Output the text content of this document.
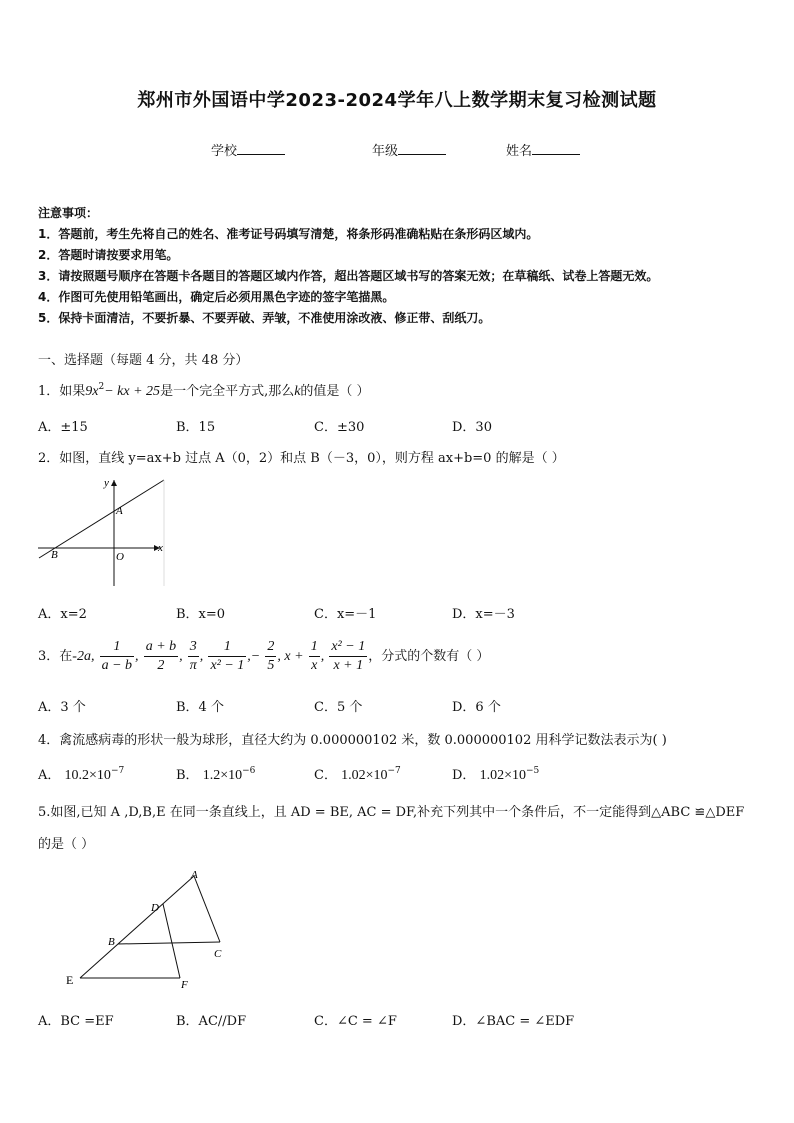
郑州市外国语中学2023-2024学年八上数学期末复习检测试题
学校	年级	姓名
注意事项：
1．答题前，考生先将自己的姓名、准考证号码填写清楚，将条形码准确粘贴在条形码区域内。
2．答题时请按要求用笔。
3．请按照题号顺序在答题卡各题目的答题区域内作答，超出答题区域书写的答案无效；在草稿纸、试卷上答题无效。
4．作图可先使用铅笔画出，确定后必须用黑色字迹的签字笔描黑。
5．保持卡面清洁，不要折暴、不要弄破、弄皱，不准使用涂改液、修正带、刮纸刀。
一、选择题（每题 4 分，共 48 分）
1．如果$9x^2-$ kx + 25是一个完全平方式,那么k的值是（ ）
A．±15	B．15	C．±30	D．30
2．如图，直线 y=ax+b 过点 A（0，2）和点 B（－3，0），则方程 ax+b=0 的解是（ ）
y
x
A
B	O
A．x=2	B．x=0	C．x=－1	D．x=－3
3．在-2a, $\frac{1}{a - b}$ , $\frac{a + b}{2}$ , $\frac{3}{\pi}$ , $\frac{1}{\text{x² − 1}}$ ,− $\frac{2}{5}$ , $x + \frac{1}{x}$ , $\frac{\text{x² − 1}}{x + 1}$ ，分式的个数有（ ）
A．3 个	B．4 个	C．5 个	D．6 个
4．禽流感病毒的形状一般为球形，直径大约为 0.000000102 米，数 0.000000102 用科学记数法表示为( )
A． $10.2\times 10^{-7}$	B． $1.2\times 10^{-6}$	C． $1.02\times 10^{-7}$	D． $1.02\times 10^{-5}$
5.如图,已知 A ,D,B,E 在同一条直线上，且 AD = BE, AC = DF,补充下列其中一个条件后，不一定能得到△ABC ≌△DEF
的是（ ）
A
D
B
C
E	F
A．BC =EF	B．AC//DF	C．∠C = ∠F	D．∠BAC = ∠EDF
